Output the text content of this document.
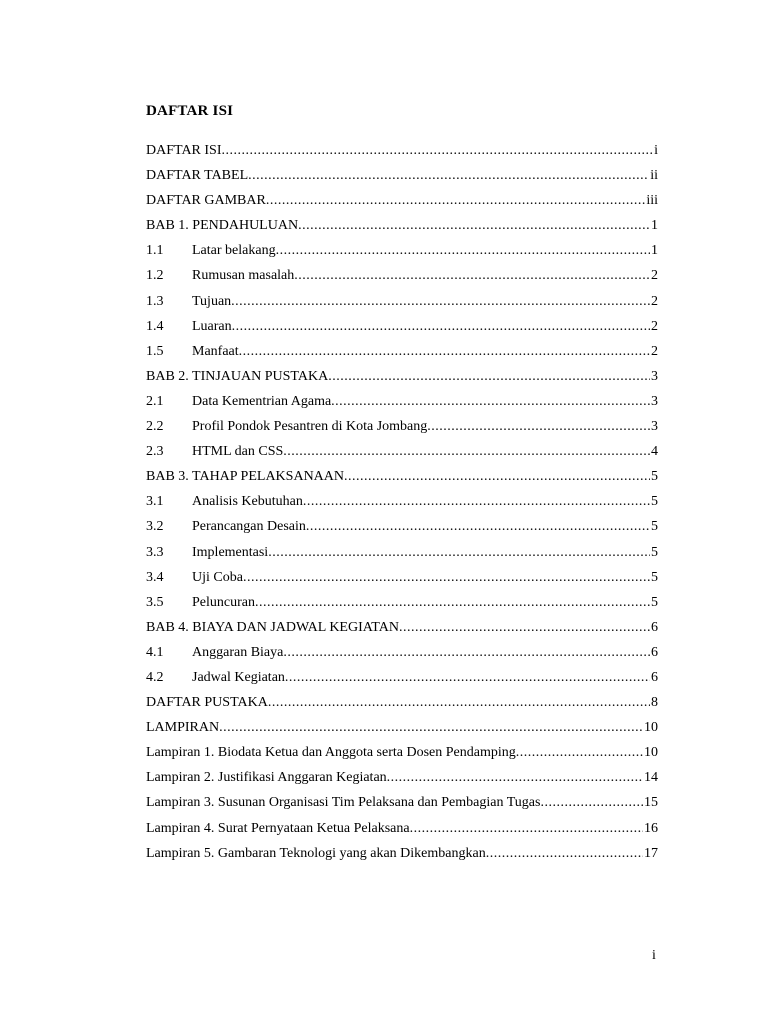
DAFTAR ISI
DAFTAR ISI .....	i
DAFTAR TABEL .....	ii
DAFTAR GAMBAR .....	iii
BAB 1. PENDAHULUAN .....	1
1.1	Latar belakang .....	1
1.2	Rumusan masalah .....	2
1.3	Tujuan .....	2
1.4	Luaran .....	2
1.5	Manfaat .....	2
BAB 2. TINJAUAN PUSTAKA .....	3
2.1	Data Kementrian Agama .....	3
2.2	Profil Pondok Pesantren di Kota Jombang .....	3
2.3	HTML dan CSS .....	4
BAB 3. TAHAP PELAKSANAAN .....	5
3.1	Analisis Kebutuhan .....	5
3.2	Perancangan Desain .....	5
3.3	Implementasi .....	5
3.4	Uji Coba .....	5
3.5	Peluncuran .....	5
BAB 4. BIAYA DAN JADWAL KEGIATAN .....	6
4.1	Anggaran Biaya .....	6
4.2	Jadwal Kegiatan .....	6
DAFTAR PUSTAKA .....	8
LAMPIRAN .....	10
Lampiran 1. Biodata Ketua dan Anggota serta Dosen Pendamping .....	10
Lampiran 2. Justifikasi Anggaran Kegiatan .....	14
Lampiran 3. Susunan Organisasi Tim Pelaksana dan Pembagian Tugas .....	15
Lampiran 4. Surat Pernyataan Ketua Pelaksana .....	16
Lampiran 5. Gambaran Teknologi yang akan Dikembangkan .....	17
i
